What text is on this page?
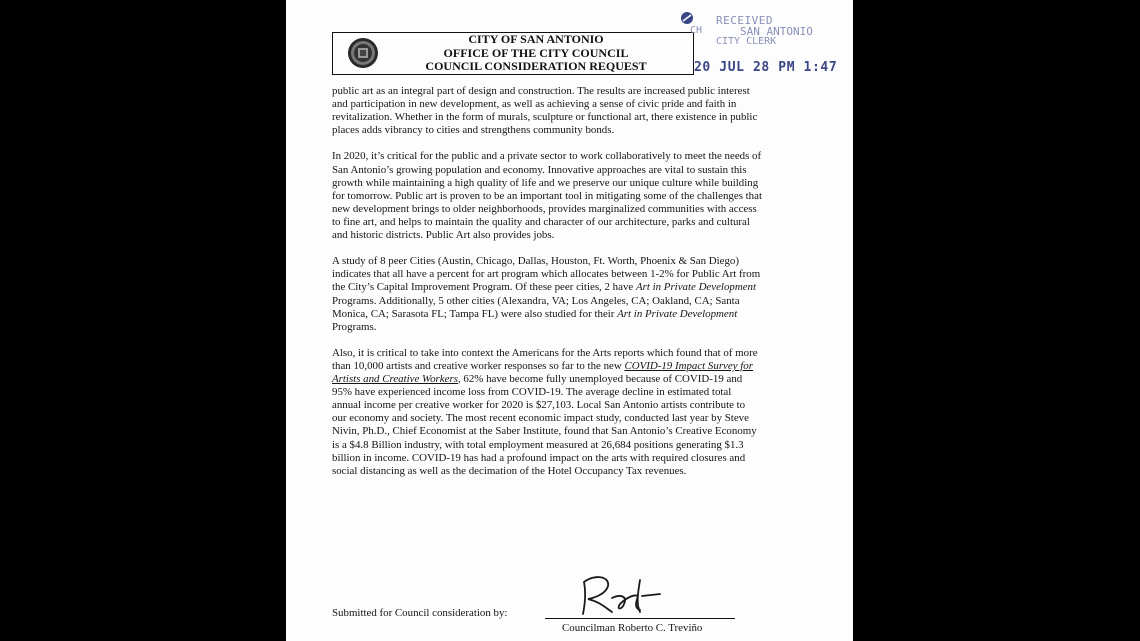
CITY OF SAN ANTONIO
OFFICE OF THE CITY COUNCIL
COUNCIL CONSIDERATION REQUEST
RECEIVED
CH	SAN ANTONIO
CITY CLERK
20 JUL 28 PM 1:47

public art as an integral part of design and construction. The results are increased public interest and participation in new development, as well as achieving a sense of civic pride and faith in revitalization. Whether in the form of murals, sculpture or functional art, there existence in public places adds vibrancy to cities and strengthens community bonds.

In 2020, it’s critical for the public and a private sector to work collaboratively to meet the needs of San Antonio’s growing population and economy. Innovative approaches are vital to sustain this growth while maintaining a high quality of life and we preserve our unique culture while building for tomorrow. Public art is proven to be an important tool in mitigating some of the challenges that new development brings to older neighborhoods, provides marginalized communities with access to fine art, and helps to maintain the quality and character of our architecture, parks and cultural and historic districts. Public Art also provides jobs.

A study of 8 peer Cities (Austin, Chicago, Dallas, Houston, Ft. Worth, Phoenix & San Diego) indicates that all have a percent for art program which allocates between 1-2% for Public Art from the City’s Capital Improvement Program. Of these peer cities, 2 have Art in Private Development Programs. Additionally, 5 other cities (Alexandra, VA; Los Angeles, CA; Oakland, CA; Santa Monica, CA; Sarasota FL; Tampa FL) were also studied for their Art in Private Development Programs.

Also, it is critical to take into context the Americans for the Arts reports which found that of more than 10,000 artists and creative worker responses so far to the new COVID-19 Impact Survey for Artists and Creative Workers, 62% have become fully unemployed because of COVID-19 and 95% have experienced income loss from COVID-19. The average decline in estimated total annual income per creative worker for 2020 is $27,103. Local San Antonio artists contribute to our economy and society. The most recent economic impact study, conducted last year by Steve Nivin, Ph.D., Chief Economist at the Saber Institute, found that San Antonio’s Creative Economy is a $4.8 Billion industry, with total employment measured at 26,684 positions generating $1.3 billion in income. COVID-19 has had a profound impact on the arts with required closures and social distancing as well as the decimation of the Hotel Occupancy Tax revenues.

Submitted for Council consideration by:
Councilman Roberto C. Treviño
